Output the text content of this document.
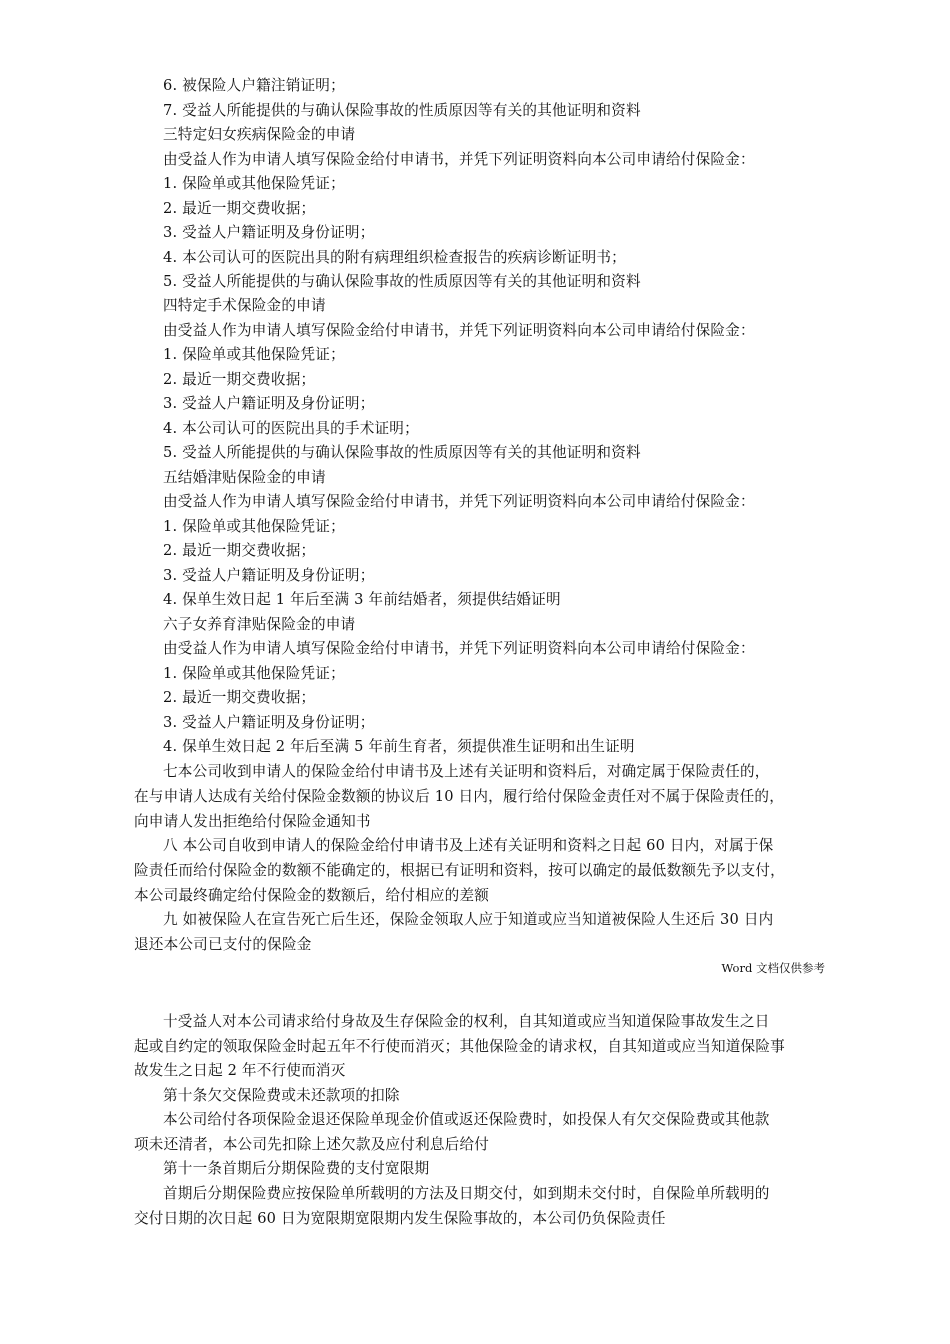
6. 被保险人户籍注销证明；
7. 受益人所能提供的与确认保险事故的性质原因等有关的其他证明和资料
三特定妇女疾病保险金的申请
由受益人作为申请人填写保险金给付申请书，并凭下列证明资料向本公司申请给付保险金：
1. 保险单或其他保险凭证；
2. 最近一期交费收据；
3. 受益人户籍证明及身份证明；
4. 本公司认可的医院出具的附有病理组织检查报告的疾病诊断证明书；
5. 受益人所能提供的与确认保险事故的性质原因等有关的其他证明和资料
四特定手术保险金的申请
由受益人作为申请人填写保险金给付申请书，并凭下列证明资料向本公司申请给付保险金：
1. 保险单或其他保险凭证；
2. 最近一期交费收据；
3. 受益人户籍证明及身份证明；
4. 本公司认可的医院出具的手术证明；
5. 受益人所能提供的与确认保险事故的性质原因等有关的其他证明和资料
五结婚津贴保险金的申请
由受益人作为申请人填写保险金给付申请书，并凭下列证明资料向本公司申请给付保险金：
1. 保险单或其他保险凭证；
2. 最近一期交费收据；
3. 受益人户籍证明及身份证明；
4. 保单生效日起 1 年后至满 3 年前结婚者，须提供结婚证明
六子女养育津贴保险金的申请
由受益人作为申请人填写保险金给付申请书，并凭下列证明资料向本公司申请给付保险金：
1. 保险单或其他保险凭证；
2. 最近一期交费收据；
3. 受益人户籍证明及身份证明；
4. 保单生效日起 2 年后至满 5 年前生育者，须提供准生证明和出生证明
七本公司收到申请人的保险金给付申请书及上述有关证明和资料后，对确定属于保险责任的，
在与申请人达成有关给付保险金数额的协议后 10 日内，履行给付保险金责任对不属于保险责任的，
向申请人发出拒绝给付保险金通知书
八 本公司自收到申请人的保险金给付申请书及上述有关证明和资料之日起 60 日内，对属于保
险责任而给付保险金的数额不能确定的，根据已有证明和资料，按可以确定的最低数额先予以支付，
本公司最终确定给付保险金的数额后，给付相应的差额
九 如被保险人在宣告死亡后生还，保险金领取人应于知道或应当知道被保险人生还后 30 日内
退还本公司已支付的保险金
Word 文档仅供参考
十受益人对本公司请求给付身故及生存保险金的权利，自其知道或应当知道保险事故发生之日
起或自约定的领取保险金时起五年不行使而消灭；其他保险金的请求权，自其知道或应当知道保险事
故发生之日起 2 年不行使而消灭
第十条欠交保险费或未还款项的扣除
本公司给付各项保险金退还保险单现金价值或返还保险费时，如投保人有欠交保险费或其他款
项未还清者，本公司先扣除上述欠款及应付利息后给付
第十一条首期后分期保险费的支付宽限期
首期后分期保险费应按保险单所载明的方法及日期交付，如到期未交付时，自保险单所载明的
交付日期的次日起 60 日为宽限期宽限期内发生保险事故的，本公司仍负保险责任
